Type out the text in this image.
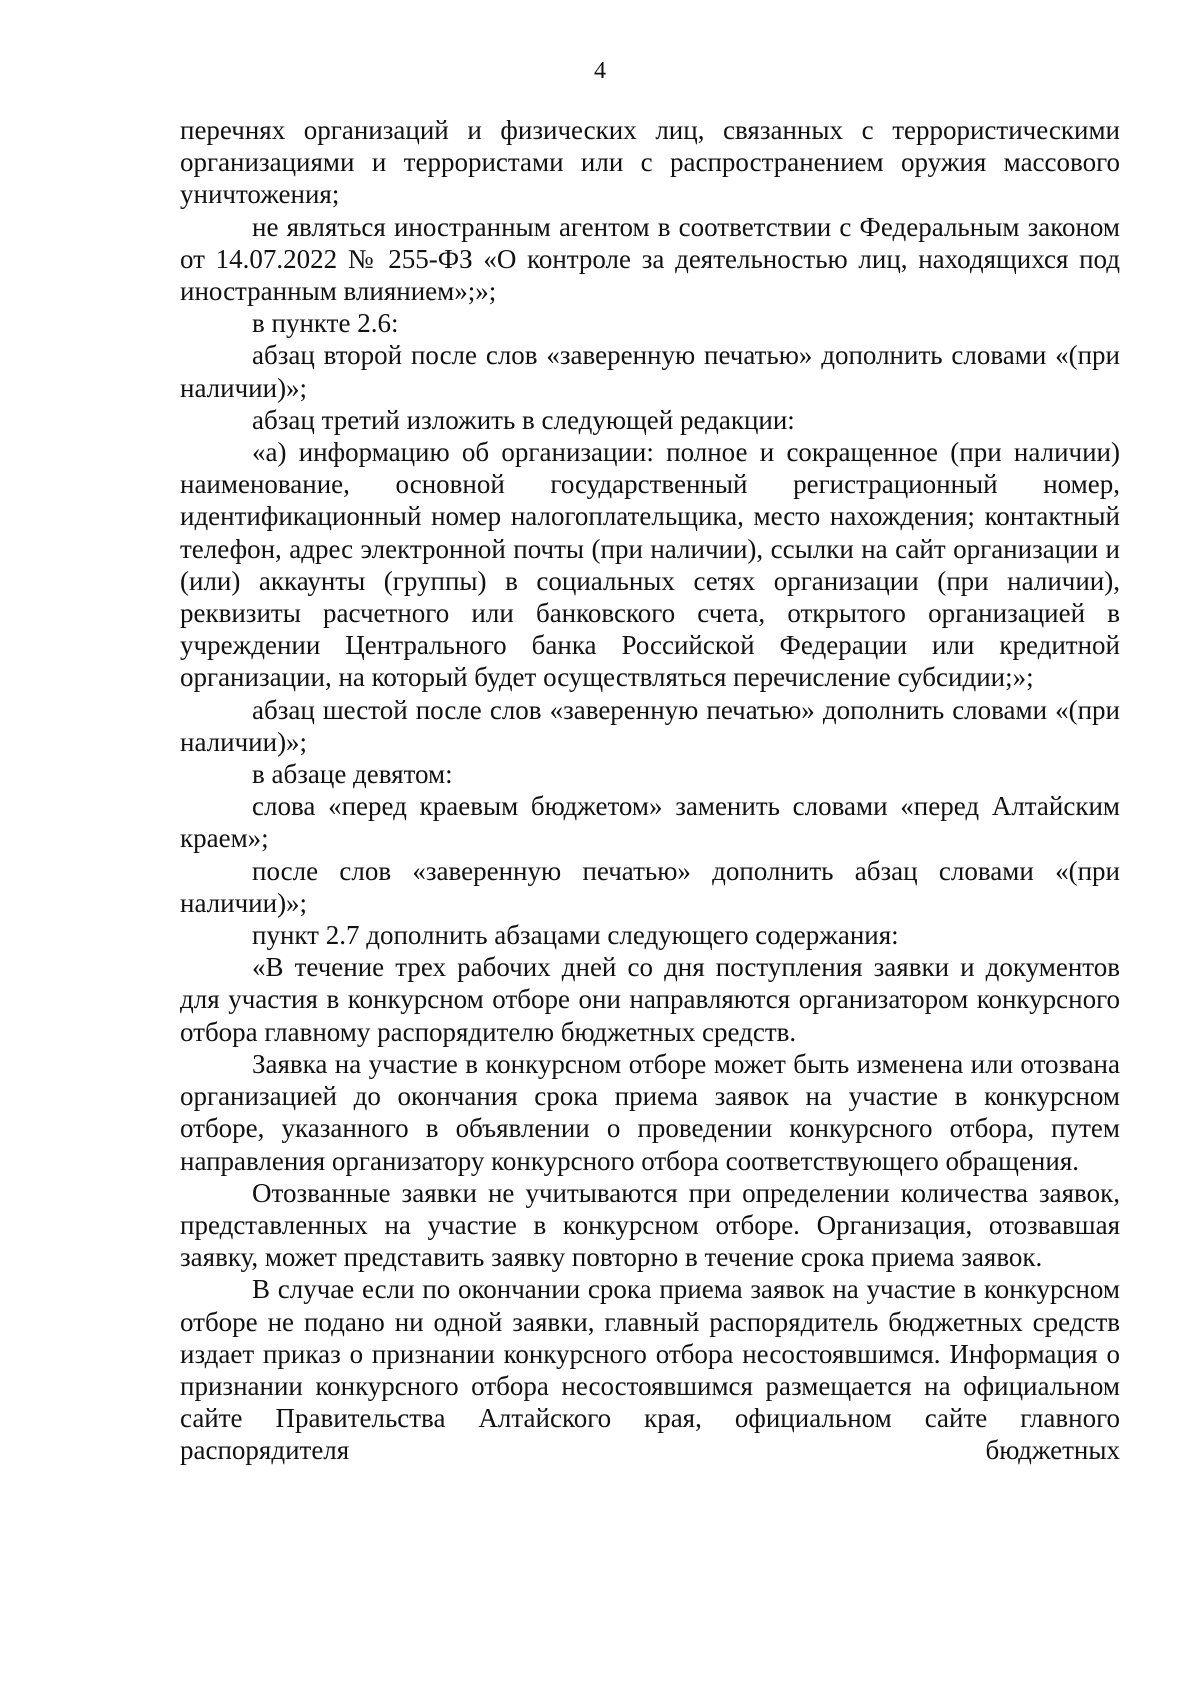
4

перечнях организаций и физических лиц, связанных с террористическими организациями и террористами или с распространением оружия массового уничтожения;

не являться иностранным агентом в соответствии с Федеральным законом от 14.07.2022 № 255-ФЗ «О контроле за деятельностью лиц, находящихся под иностранным влиянием»;»;

в пункте 2.6:

абзац второй после слов «заверенную печатью» дополнить словами «(при наличии)»;

абзац третий изложить в следующей редакции:

«а) информацию об организации: полное и сокращенное (при наличии) наименование, основной государственный регистрационный номер, идентификационный номер налогоплательщика, место нахождения; контактный телефон, адрес электронной почты (при наличии), ссылки на сайт организации и (или) аккаунты (группы) в социальных сетях организации (при наличии), реквизиты расчетного или банковского счета, открытого организацией в учреждении Центрального банка Российской Федерации или кредитной организации, на который будет осуществляться перечисление субсидии;»;

абзац шестой после слов «заверенную печатью» дополнить словами «(при наличии)»;

в абзаце девятом:

слова «перед краевым бюджетом» заменить словами «перед Алтайским краем»;

после слов «заверенную печатью» дополнить абзац словами «(при наличии)»;

пункт 2.7 дополнить абзацами следующего содержания:

«В течение трех рабочих дней со дня поступления заявки и документов для участия в конкурсном отборе они направляются организатором конкурсного отбора главному распорядителю бюджетных средств.

Заявка на участие в конкурсном отборе может быть изменена или отозвана организацией до окончания срока приема заявок на участие в конкурсном отборе, указанного в объявлении о проведении конкурсного отбора, путем направления организатору конкурсного отбора соответствующего обращения.

Отозванные заявки не учитываются при определении количества заявок, представленных на участие в конкурсном отборе. Организация, отозвавшая заявку, может представить заявку повторно в течение срока приема заявок.

В случае если по окончании срока приема заявок на участие в конкурсном отборе не подано ни одной заявки, главный распорядитель бюджетных средств издает приказ о признании конкурсного отбора несостоявшимся. Информация о признании конкурсного отбора несостоявшимся размещается на официальном сайте Правительства Алтайского края, официальном сайте главного распорядителя бюджетных
